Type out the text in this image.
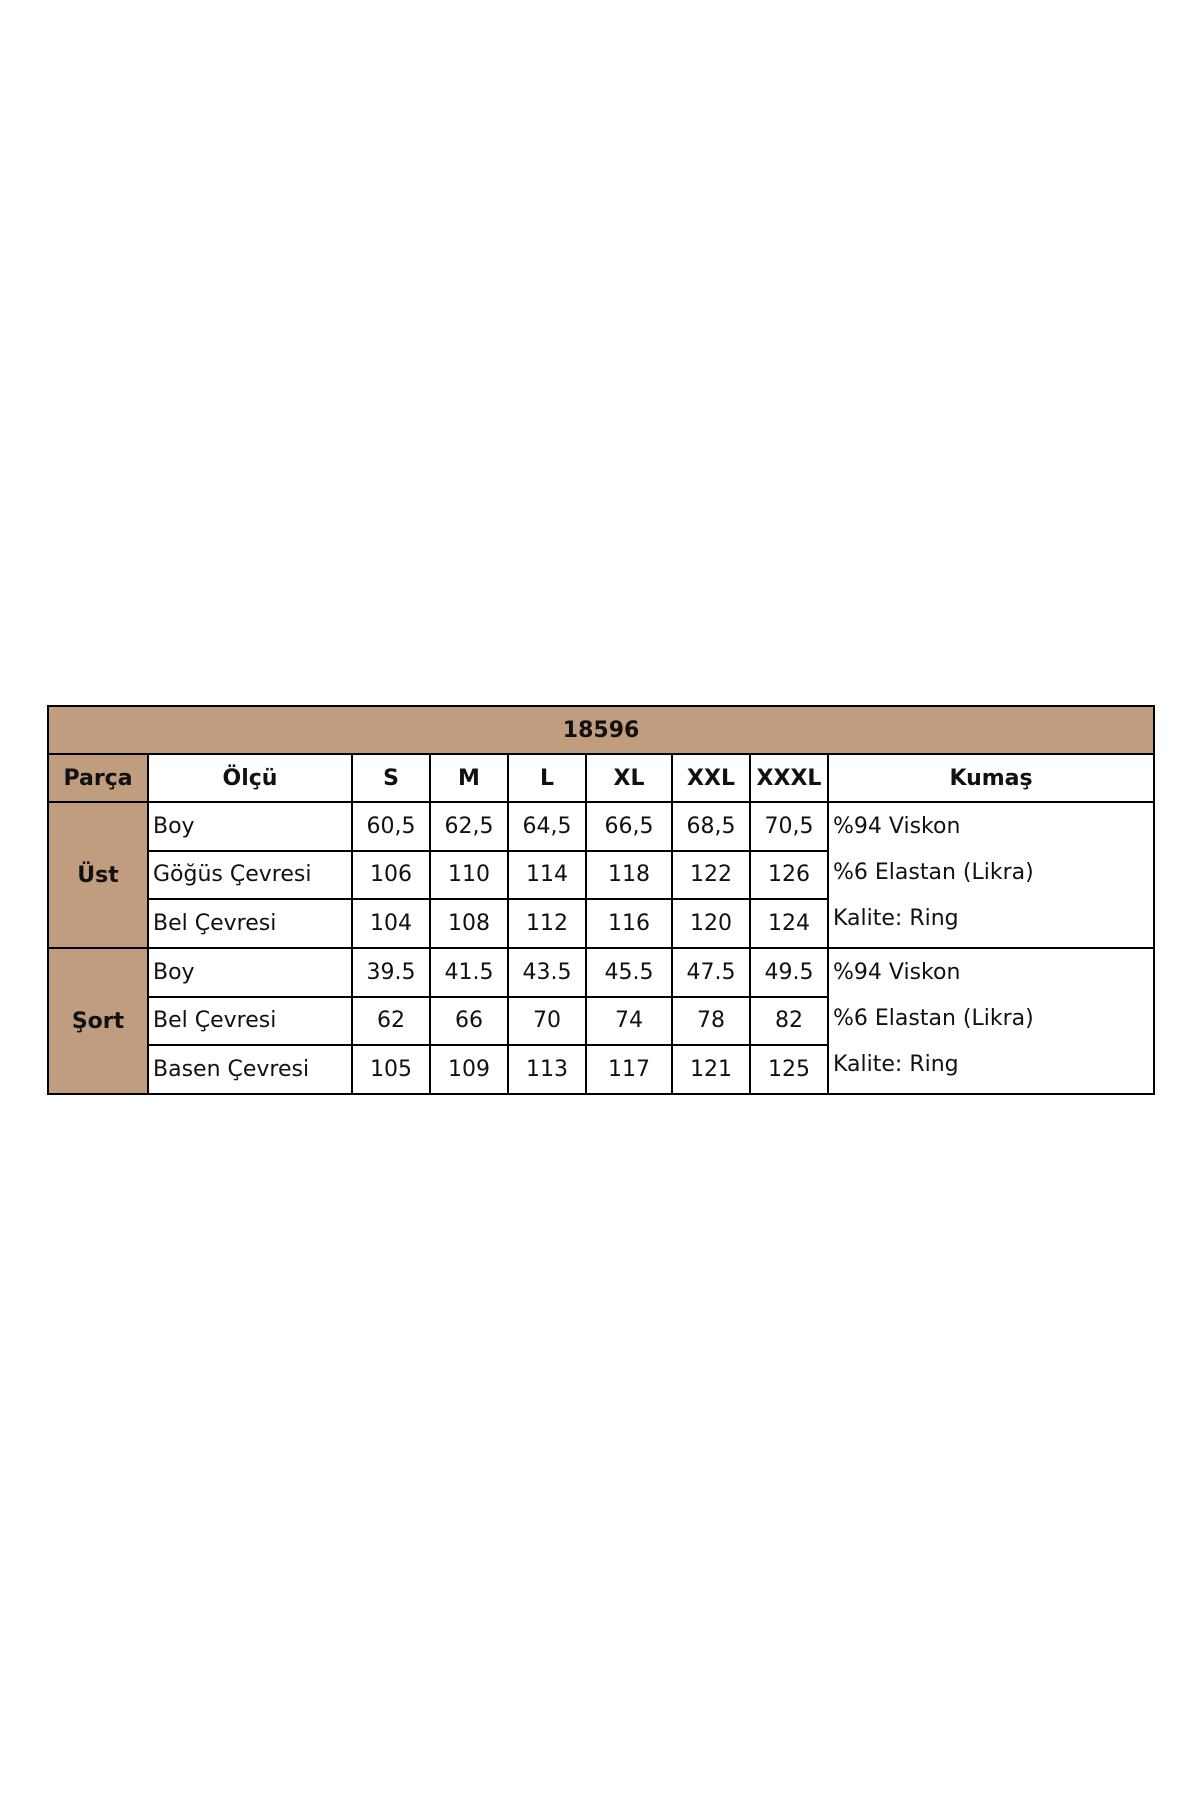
18596								
Parça	Ölçü	S	M	L	XL	XXL	XXXL	Kumaş
Üst	Boy	60,5	62,5	64,5	66,5	68,5	70,5	%94 Viskon
%6 Elastan (Likra)
Kalite: Ring

	Göğüs Çevresi	106	110	114	118	122	126	
	Bel Çevresi	104	108	112	116	120	124	
Şort	Boy	39.5	41.5	43.5	45.5	47.5	49.5	%94 Viskon
%6 Elastan (Likra)
Kalite: Ring

	Bel Çevresi	62	66	70	74	78	82	
	Basen Çevresi	105	109	113	117	121	125	
